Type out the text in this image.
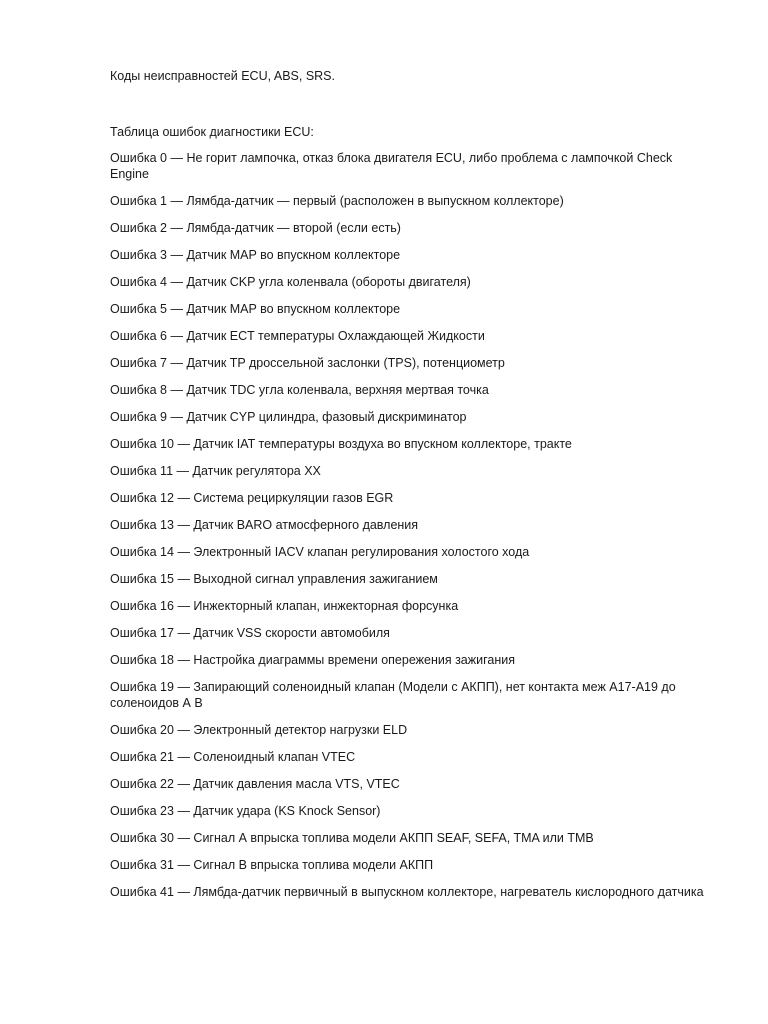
Коды неисправностей ECU, ABS, SRS.
Таблица ошибок диагностики ECU:
Ошибка 0 — Не горит лампочка, отказ блока двигателя ECU, либо проблема с лампочкой Check Engine
Ошибка 1 — Лямбда-датчик — первый (расположен в выпускном коллекторе)
Ошибка 2 — Лямбда-датчик — второй (если есть)
Ошибка 3 — Датчик MAP во впускном коллекторе
Ошибка 4 — Датчик CKP угла коленвала (обороты двигателя)
Ошибка 5 — Датчик MAP во впускном коллекторе
Ошибка 6 — Датчик ECT температуры Охлаждающей Жидкости
Ошибка 7 — Датчик TP дроссельной заслонки (TPS), потенциометр
Ошибка 8 — Датчик TDC угла коленвала, верхняя мертвая точка
Ошибка 9 — Датчик CYP цилиндра, фазовый дискриминатор
Ошибка 10 — Датчик IAT температуры воздуха во впускном коллекторе, тракте
Ошибка 11 — Датчик регулятора ХХ
Ошибка 12 — Система рециркуляции газов EGR
Ошибка 13 — Датчик BARO атмосферного давления
Ошибка 14 — Электронный IACV клапан регулирования холостого хода
Ошибка 15 — Выходной сигнал управления зажиганием
Ошибка 16 — Инжекторный клапан, инжекторная форсунка
Ошибка 17 — Датчик VSS скорости автомобиля
Ошибка 18 — Настройка диаграммы времени опережения зажигания
Ошибка 19 — Запирающий соленоидный клапан (Модели с АКПП), нет контакта меж A17-A19 до соленоидов А В
Ошибка 20 — Электронный детектор нагрузки ELD
Ошибка 21 — Соленоидный клапан VTEC
Ошибка 22 — Датчик давления масла VTS, VTEC
Ошибка 23 — Датчик удара (KS Knock Sensor)
Ошибка 30 — Сигнал А впрыска топлива модели АКПП SEAF, SEFA, TMA или TMB
Ошибка 31 — Сигнал В впрыска топлива модели АКПП
Ошибка 41 — Лямбда-датчик первичный в выпускном коллекторе, нагреватель кислородного датчика
